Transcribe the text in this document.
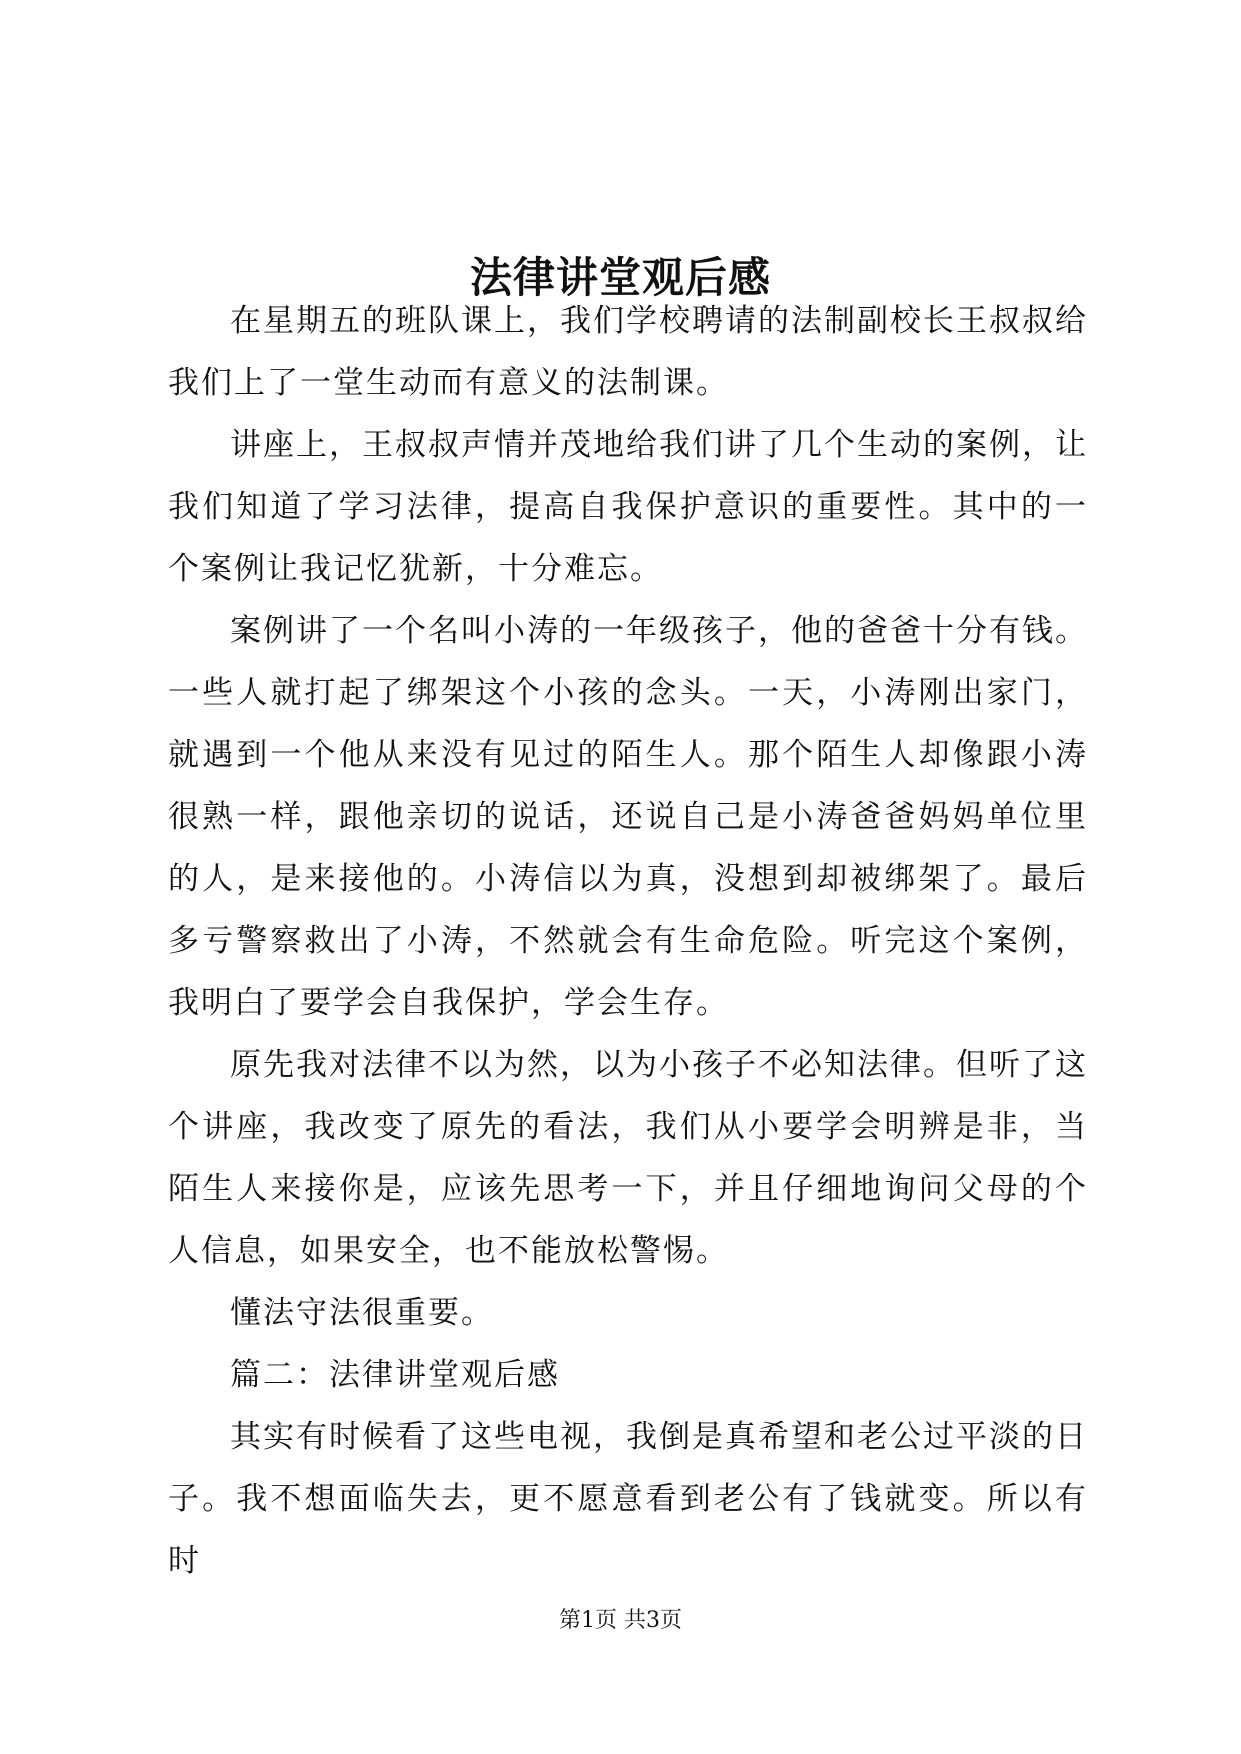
法律讲堂观后感

在星期五的班队课上，我们学校聘请的法制副校长王叔叔给我们上了一堂生动而有意义的法制课。

讲座上，王叔叔声情并茂地给我们讲了几个生动的案例，让我们知道了学习法律，提高自我保护意识的重要性。其中的一个案例让我记忆犹新，十分难忘。

案例讲了一个名叫小涛的一年级孩子，他的爸爸十分有钱。一些人就打起了绑架这个小孩的念头。一天，小涛刚出家门，就遇到一个他从来没有见过的陌生人。那个陌生人却像跟小涛很熟一样，跟他亲切的说话，还说自己是小涛爸爸妈妈单位里的人，是来接他的。小涛信以为真，没想到却被绑架了。最后多亏警察救出了小涛，不然就会有生命危险。听完这个案例，我明白了要学会自我保护，学会生存。

原先我对法律不以为然，以为小孩子不必知法律。但听了这个讲座，我改变了原先的看法，我们从小要学会明辨是非，当陌生人来接你是，应该先思考一下，并且仔细地询问父母的个人信息，如果安全，也不能放松警惕。

懂法守法很重要。

篇二：法律讲堂观后感

其实有时候看了这些电视，我倒是真希望和老公过平淡的日子。我不想面临失去，更不愿意看到老公有了钱就变。所以有时

第1页 共3页
